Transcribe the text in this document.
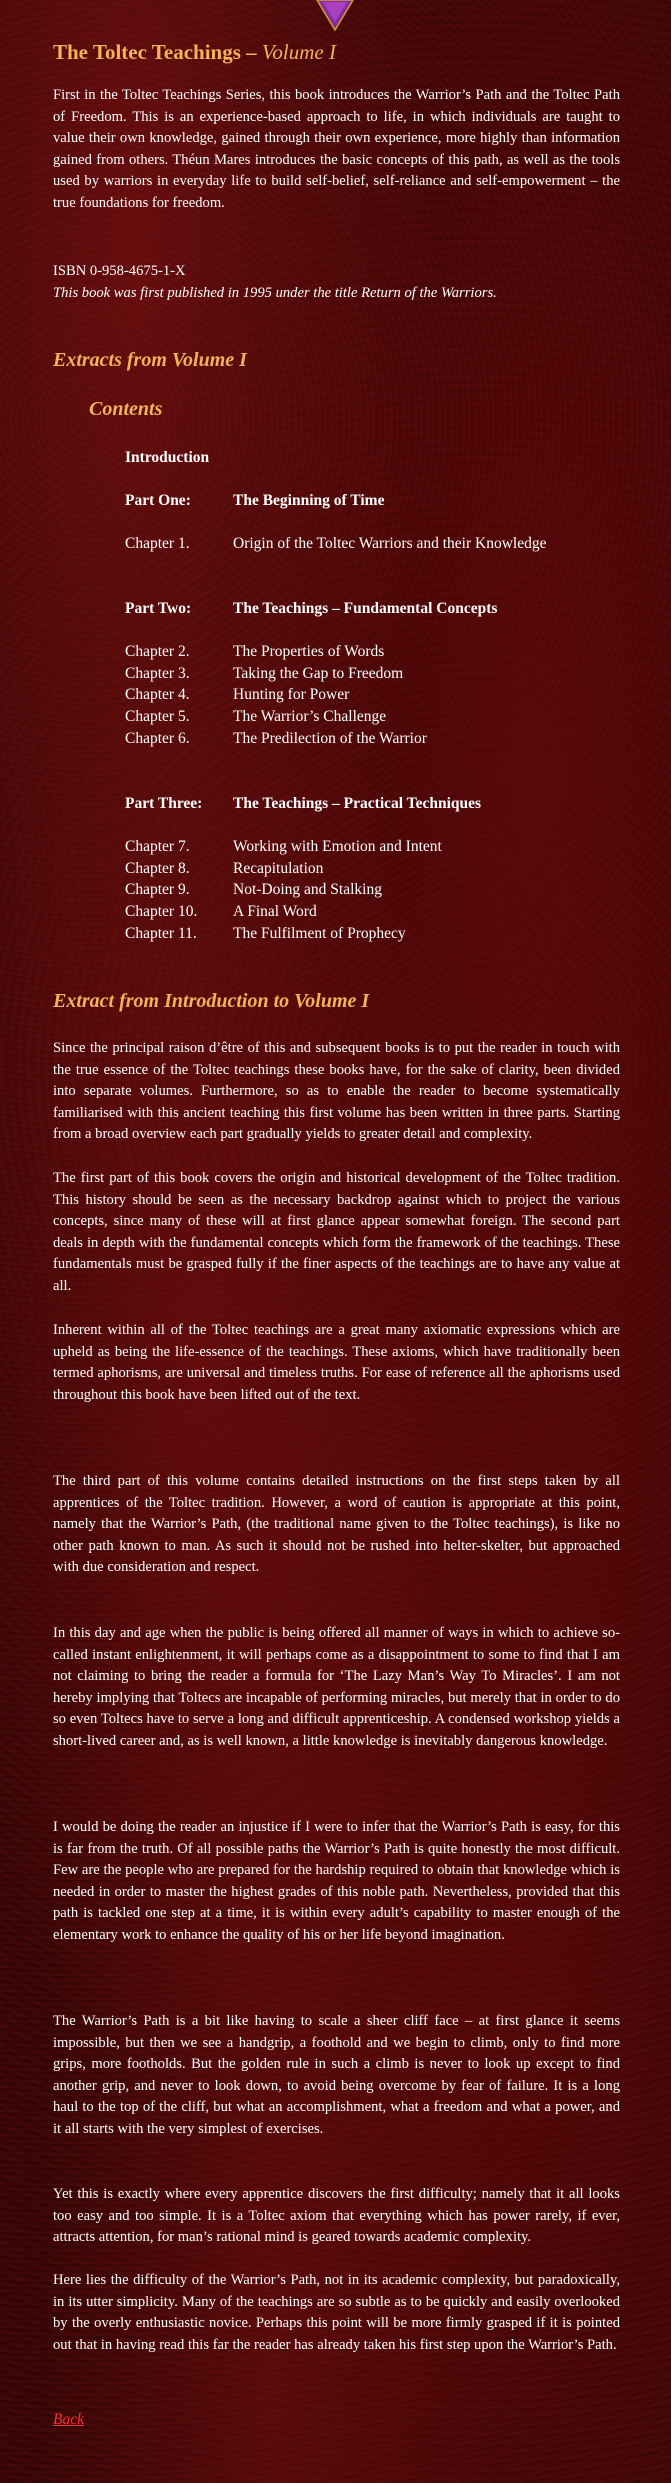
The Toltec Teachings – Volume I

First in the Toltec Teachings Series, this book introduces the Warrior’s Path and the Toltec Path of Freedom. This is an experience-based approach to life, in which individuals are taught to value their own knowledge, gained through their own experience, more highly than information gained from others. Théun Mares introduces the basic concepts of this path, as well as the tools used by warriors in everyday life to build self-belief, self-reliance and self-empowerment – the true foundations for freedom.

ISBN 0-958-4675-1-X

This book was first published in 1995 under the title Return of the Warriors.

Extracts from Volume I
Contents
Introduction
Part One:	The Beginning of Time
Chapter 1.	Origin of the Toltec Warriors and their Knowledge
Part Two:	The Teachings – Fundamental Concepts
Chapter 2.	The Properties of Words
Chapter 3.	Taking the Gap to Freedom
Chapter 4.	Hunting for Power
Chapter 5.	The Warrior’s Challenge
Chapter 6.	The Predilection of the Warrior
Part Three: The Teachings – Practical Techniques
Chapter 7.	Working with Emotion and Intent
Chapter 8.	Recapitulation
Chapter 9.	Not-Doing and Stalking
Chapter 10. A Final Word
Chapter 11. The Fulfilment of Prophecy
Extract from Introduction to Volume I

Since the principal raison d’être of this and subsequent books is to put the reader in touch with the true essence of the Toltec teachings these books have, for the sake of clarity, been divided into separate volumes. Furthermore, so as to enable the reader to become systematically familiarised with this ancient teaching this first volume has been written in three parts. Starting from a broad overview each part gradually yields to greater detail and complexity.

The first part of this book covers the origin and historical development of the Toltec tradition. This history should be seen as the necessary backdrop against which to project the various concepts, since many of these will at first glance appear somewhat foreign. The second part deals in depth with the fundamental concepts which form the framework of the teachings. These fundamentals must be grasped fully if the finer aspects of the teachings are to have any value at all.

Inherent within all of the Toltec teachings are a great many axiomatic expressions which are upheld as being the life-essence of the teachings. These axioms, which have traditionally been termed aphorisms, are universal and timeless truths. For ease of reference all the aphorisms used throughout this book have been lifted out of the text.

The third part of this volume contains detailed instructions on the first steps taken by all apprentices of the Toltec tradition. However, a word of caution is appropriate at this point, namely that the Warrior’s Path, (the traditional name given to the Toltec teachings), is like no other path known to man. As such it should not be rushed into helter-skelter, but approached with due consideration and respect.

In this day and age when the public is being offered all manner of ways in which to achieve so-called instant enlightenment, it will perhaps come as a disappointment to some to find that I am not claiming to bring the reader a formula for ‘The Lazy Man’s Way To Miracles’. I am not hereby implying that Toltecs are incapable of performing miracles, but merely that in order to do so even Toltecs have to serve a long and difficult apprenticeship. A condensed workshop yields a short-lived career and, as is well known, a little knowledge is inevitably dangerous knowledge.

I would be doing the reader an injustice if I were to infer that the Warrior’s Path is easy, for this is far from the truth. Of all possible paths the Warrior’s Path is quite honestly the most difficult. Few are the people who are prepared for the hardship required to obtain that knowledge which is needed in order to master the highest grades of this noble path. Nevertheless, provided that this path is tackled one step at a time, it is within every adult’s capability to master enough of the elementary work to enhance the quality of his or her life beyond imagination.

The Warrior’s Path is a bit like having to scale a sheer cliff face – at first glance it seems impossible, but then we see a handgrip, a foothold and we begin to climb, only to find more grips, more footholds. But the golden rule in such a climb is never to look up except to find another grip, and never to look down, to avoid being overcome by fear of failure. It is a long haul to the top of the cliff, but what an accomplishment, what a freedom and what a power, and it all starts with the very simplest of exercises.

Yet this is exactly where every apprentice discovers the first difficulty; namely that it all looks too easy and too simple. It is a Toltec axiom that everything which has power rarely, if ever, attracts attention, for man’s rational mind is geared towards academic complexity.

Here lies the difficulty of the Warrior’s Path, not in its academic complexity, but paradoxically, in its utter simplicity. Many of the teachings are so subtle as to be quickly and easily overlooked by the overly enthusiastic novice. Perhaps this point will be more firmly grasped if it is pointed out that in having read this far the reader has already taken his first step upon the Warrior’s Path.

Back
